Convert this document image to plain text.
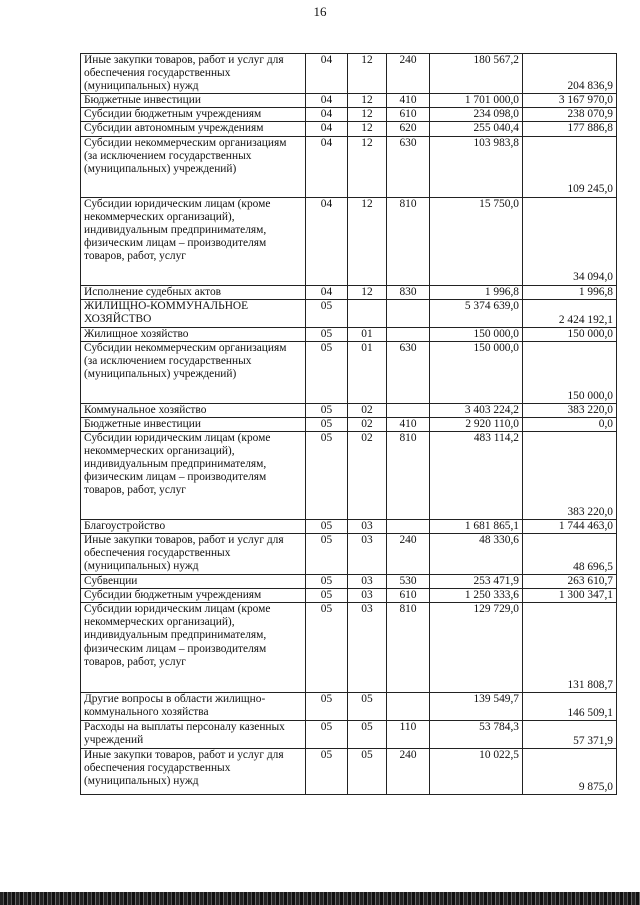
16
Иные закупки товаров, работ и услуг для обеспечения государственных (муниципальных) нужд	04	12	240	180 567,2	204 836,9
Бюджетные инвестиции	04	12	410	1 701 000,0	3 167 970,0
Субсидии бюджетным учреждениям	04	12	610	234 098,0	238 070,9
Субсидии автономным учреждениям	04	12	620	255 040,4	177 886,8
Субсидии некоммерческим организациям (за исключением государственных (муниципальных) учреждений)	04	12	630	103 983,8	109 245,0
Субсидии юридическим лицам (кроме некоммерческих организаций), индивидуальным предпринимателям, физическим лицам – производителям товаров, работ, услуг	04	12	810	15 750,0	34 094,0
Исполнение судебных актов	04	12	830	1 996,8	1 996,8
ЖИЛИЩНО-КОММУНАЛЬНОЕ ХОЗЯЙСТВО	05			5 374 639,0	2 424 192,1
Жилищное хозяйство	05	01		150 000,0	150 000,0
Субсидии некоммерческим организациям (за исключением государственных (муниципальных) учреждений)	05	01	630	150 000,0	150 000,0
Коммунальное хозяйство	05	02		3 403 224,2	383 220,0
Бюджетные инвестиции	05	02	410	2 920 110,0	0,0
Субсидии юридическим лицам (кроме некоммерческих организаций), индивидуальным предпринимателям, физическим лицам – производителям товаров, работ, услуг	05	02	810	483 114,2	383 220,0
Благоустройство	05	03		1 681 865,1	1 744 463,0
Иные закупки товаров, работ и услуг для обеспечения государственных (муниципальных) нужд	05	03	240	48 330,6	48 696,5
Субвенции	05	03	530	253 471,9	263 610,7
Субсидии бюджетным учреждениям	05	03	610	1 250 333,6	1 300 347,1
Субсидии юридическим лицам (кроме некоммерческих организаций), индивидуальным предпринимателям, физическим лицам – производителям товаров, работ, услуг	05	03	810	129 729,0	131 808,7
Другие вопросы в области жилищно-коммунального хозяйства	05	05		139 549,7	146 509,1
Расходы на выплаты персоналу казенных учреждений	05	05	110	53 784,3	57 371,9
Иные закупки товаров, работ и услуг для обеспечения государственных (муниципальных) нужд	05	05	240	10 022,5	9 875,0
